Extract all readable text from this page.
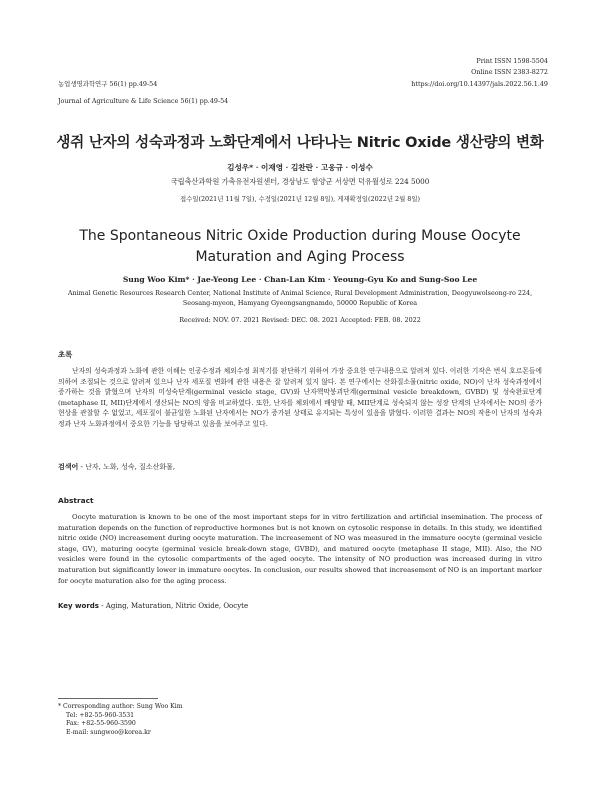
Print ISSN 1598-5504
Online ISSN 2383-8272
농업생명과학연구 56(1) pp.49-54	https://doi.org/10.14397/jals.2022.56.1.49
Journal of Agriculture & Life Science 56(1) pp.49-54
생쥐 난자의 성숙과정과 노화단계에서 나타나는 Nitric Oxide 생산량의 변화
김성우* · 이재영 · 김찬란 · 고웅규 · 이성수
국립축산과학원 가축유전자원센터, 경상남도 함양군 서상면 덕유월성로 224 5000
접수일(2021년 11월 7일), 수정일(2021년 12월 8일), 게재확정일(2022년 2월 8일)
The Spontaneous Nitric Oxide Production during Mouse Oocyte
Maturation and Aging Process
Sung Woo Kim* · Jae-Yeong Lee · Chan-Lan Kim · Yeoung-Gyu Ko and Sung-Soo Lee
Animal Genetic Resources Research Center, National Institute of Animal Science, Rural Development Administration, Deogyuwolseong-ro 224,
Seosang-myeon, Hamyang Gyeongsangnamdo, 50000 Republic of Korea
Received: NOV. 07. 2021 Revised: DEC. 08. 2021 Accepted: FEB. 08. 2022
초록
난자의 성숙과정과 노화에 관한 이해는 인공수정과 체외수정 최적기를 판단하기 위하여 가장 중요한 연구내용으로 알려져 있다. 이러한 기작은 번식 호르몬들에 의하여 조절되는 것으로 알려져 있으나 난자 세포질 변화에 관한 내용은 잘 알려져 있지 않다. 본 연구에서는 산화질소물(nitric oxide, NO)이 난자 성숙과정에서 증가하는 것을 밝혔으며 난자의 미성숙단계(germinal vesicle stage, GV)와 난자핵막붕괴단계(germinal vesicle breakdown, GVBD) 및 성숙완료단계(metaphase II, MII)단계에서 생산되는 NO의 양을 비교하였다. 또한, 난자를 체외에서 배양할 때, MII단계로 성숙되지 않는 성장 단계의 난자에서는 NO의 증가 현상을 관찰할 수 없었고, 세포질이 불균일한 노화된 난자에서는 NO가 증가된 상태로 유지되는 특성이 있음을 밝혔다. 이러한 결과는 NO의 작용이 난자의 성숙과정과 난자 노화과정에서 중요한 기능을 담당하고 있음을 보여주고 있다.
검색어 - 난자, 노화, 성숙, 질소산화물,
Abstract
Oocyte maturation is known to be one of the most important steps for in vitro fertilization and artificial insemination. The process of maturation depends on the function of reproductive hormones but is not known on cytosolic response in details. In this study, we identified nitric oxide (NO) increasement during oocyte maturation. The increasement of NO was measured in the immature oocyte (germinal vesicle stage, GV), maturing oocyte (germinal vesicle break-down stage, GVBD), and matured oocyte (metaphase II stage, MII). Also, the NO vesicles were found in the cytosolic compartments of the aged oocyte. The intensity of NO production was increased during in vitro maturation but significantly lower in immature oocytes. In conclusion, our results showed that increasement of NO is an important marker for oocyte maturation also for the aging process.
Key words - Aging, Maturation, Nitric Oxide, Oocyte
* Corresponding author: Sung Woo Kim
Tel: +82-55-960-3531
Fax: +82-55-960-3590
E-mail: sungwoo@korea.kr
